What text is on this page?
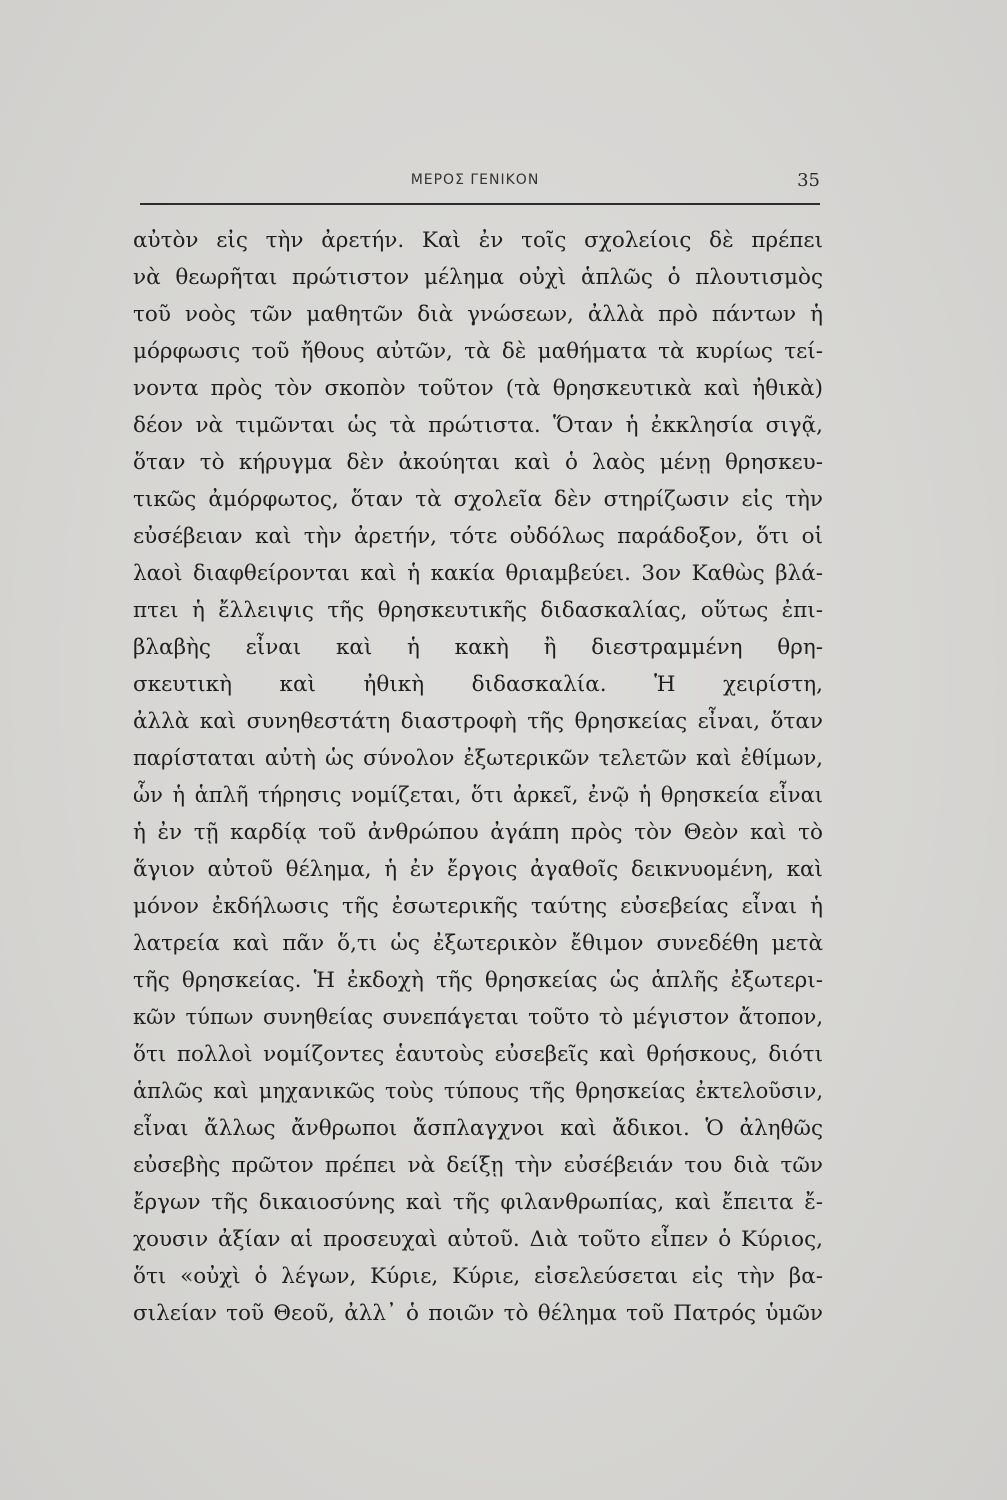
ΜΕΡΟΣ ΓΕΝΙΚΟΝ	35
αὐτὸν εἰς τὴν ἀρετήν. Καὶ ἐν τοῖς σχολείοις δὲ πρέπει
νὰ θεωρῆται πρώτιστον μέλημα οὐχὶ ἁπλῶς ὁ πλουτισμὸς
τοῦ νοὸς τῶν μαθητῶν διὰ γνώσεων, ἀλλὰ πρὸ πάντων ἡ
μόρφωσις τοῦ ἤθους αὐτῶν, τὰ δὲ μαθήματα τὰ κυρίως τεί-
νοντα πρὸς τὸν σκοπὸν τοῦτον (τὰ θρησκευτικὰ καὶ ἠθικὰ)
δέον νὰ τιμῶνται ὡς τὰ πρώτιστα. Ὅταν ἡ ἐκκλησία σιγᾷ,
ὅταν τὸ κήρυγμα δὲν ἀκούηται καὶ ὁ λαὸς μένῃ θρησκευ-
τικῶς ἀμόρφωτος, ὅταν τὰ σχολεῖα δὲν στηρίζωσιν εἰς τὴν
εὐσέβειαν καὶ τὴν ἀρετήν, τότε οὐδόλως παράδοξον, ὅτι οἱ
λαοὶ διαφθείρονται καὶ ἡ κακία θριαμβεύει. 3ον Καθὼς βλά-
πτει ἡ ἔλλειψις τῆς θρησκευτικῆς διδασκαλίας, οὕτως ἐπι-
βλαβὴς εἶναι καὶ ἡ κακὴ ἢ διεστραμμένη θρη-
σκευτικὴ καὶ ἠθικὴ διδασκαλία. Ἡ χειρίστη,
ἀλλὰ καὶ συνηθεστάτη διαστροφὴ τῆς θρησκείας εἶναι, ὅταν
παρίσταται αὐτὴ ὡς σύνολον ἐξωτερικῶν τελετῶν καὶ ἐθίμων,
ὧν ἡ ἁπλῆ τήρησις νομίζεται, ὅτι ἀρκεῖ, ἐνῷ ἡ θρησκεία εἶναι
ἡ ἐν τῇ καρδίᾳ τοῦ ἀνθρώπου ἀγάπη πρὸς τὸν Θεὸν καὶ τὸ
ἅγιον αὐτοῦ θέλημα, ἡ ἐν ἔργοις ἀγαθοῖς δεικνυομένη, καὶ
μόνον ἐκδήλωσις τῆς ἐσωτερικῆς ταύτης εὐσεβείας εἶναι ἡ
λατρεία καὶ πᾶν ὅ,τι ὡς ἐξωτερικὸν ἔθιμον συνεδέθη μετὰ
τῆς θρησκείας. Ἡ ἐκδοχὴ τῆς θρησκείας ὡς ἁπλῆς ἐξωτερι-
κῶν τύπων συνηθείας συνεπάγεται τοῦτο τὸ μέγιστον ἄτοπον,
ὅτι πολλοὶ νομίζοντες ἑαυτοὺς εὐσεβεῖς καὶ θρήσκους, διότι
ἁπλῶς καὶ μηχανικῶς τοὺς τύπους τῆς θρησκείας ἐκτελοῦσιν,
εἶναι ἄλλως ἄνθρωποι ἄσπλαγχνοι καὶ ἄδικοι. Ὁ ἀληθῶς
εὐσεβὴς πρῶτον πρέπει νὰ δείξῃ τὴν εὐσέβειάν του διὰ τῶν
ἔργων τῆς δικαιοσύνης καὶ τῆς φιλανθρωπίας, καὶ ἔπειτα ἔ-
χουσιν ἀξίαν αἱ προσευχαὶ αὐτοῦ. Διὰ τοῦτο εἶπεν ὁ Κύριος,
ὅτι «οὐχὶ ὁ λέγων, Κύριε, Κύριε, εἰσελεύσεται εἰς τὴν βα-
σιλείαν τοῦ Θεοῦ, ἀλλ᾽ ὁ ποιῶν τὸ θέλημα τοῦ Πατρός ὑμῶν
